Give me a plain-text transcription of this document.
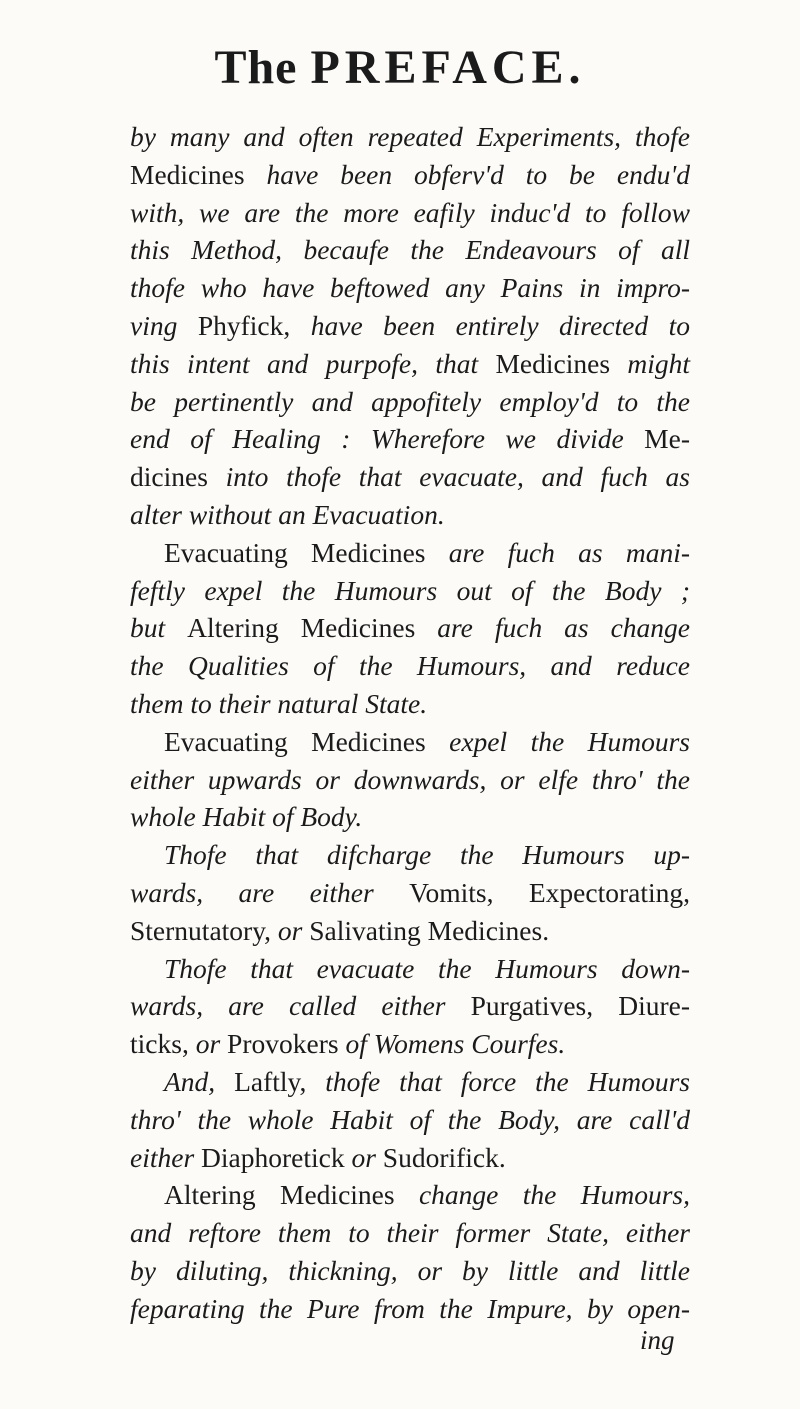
The PREFACE.
by many and often repeated Experiments, thofe
Medicines have been obferv'd to be endu'd
with, we are the more eafily induc'd to follow
this Method, becaufe the Endeavours of all
thofe who have beftowed any Pains in impro-
ving Phyfick, have been entirely directed to
this intent and purpofe, that Medicines might
be pertinently and appofitely employ'd to the
end of Healing : Wherefore we divide Me-
dicines into thofe that evacuate, and fuch as
alter without an Evacuation.
Evacuating Medicines are fuch as mani-
feftly expel the Humours out of the Body ;
but Altering Medicines are fuch as change
the Qualities of the Humours, and reduce
them to their natural State.
Evacuating Medicines expel the Humours
either upwards or downwards, or elfe thro' the
whole Habit of Body.
Thofe that difcharge the Humours up-
wards, are either Vomits, Expectorating,
Sternutatory, or Salivating Medicines.
Thofe that evacuate the Humours down-
wards, are called either Purgatives, Diure-
ticks, or Provokers of Womens Courfes.
And, Laftly, thofe that force the Humours
thro' the whole Habit of the Body, are call'd
either Diaphoretick or Sudorifick.
Altering Medicines change the Humours,
and reftore them to their former State, either
by diluting, thickning, or by little and little
feparating the Pure from the Impure, by open-
ing
